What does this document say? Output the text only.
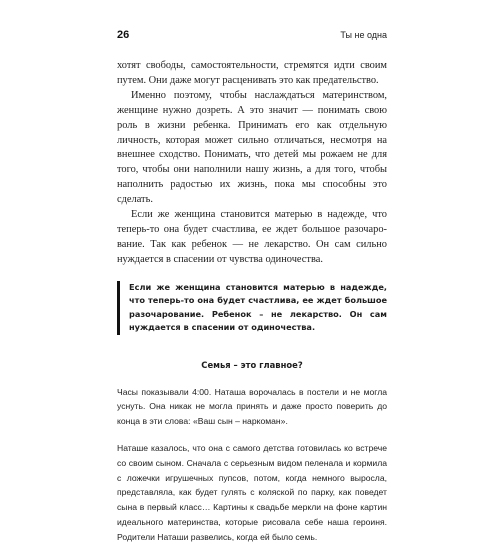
26	Ты не одна

хотят свободы, самостоятельности, стремятся идти своим путем. Они даже могут расценивать это как предательство.

Именно поэтому, чтобы наслаждаться материнством, женщине нужно дозреть. А это значит — понимать свою роль в жизни ребенка. Принимать его как отдельную личность, которая может сильно отличаться, несмотря на внешнее сходство. Понимать, что детей мы рожаем не для того, чтобы они наполнили нашу жизнь, а для того, чтобы наполнить радостью их жизнь, пока мы способны это сделать.

Если же женщина становится матерью в надежде, что теперь-то она будет счастлива, ее ждет большое разочарование. Так как ребенок — не лекарство. Он сам сильно нуждается в спасении от чувства одиночества.

Если же женщина становится матерью в надежде, что теперь-то она будет счастлива, ее ждет большое разочарование. Ребенок – не лекарство. Он сам нуждается в спасении от одиночества.
Семья – это главное?

Часы показывали 4:00. Наташа ворочалась в постели и не могла уснуть. Она никак не могла принять и даже просто поверить до конца в эти слова: «Ваш сын – наркоман».

Наташе казалось, что она с самого детства готовилась ко встрече со своим сыном. Сначала с серьезным видом пеленала и кормила с ложечки игрушечных пупсов, потом, когда немного выросла, представляла, как будет гулять с коляской по парку, как поведет сына в первый класс… Картины к свадьбе меркли на фоне картин идеального материнства, которые рисовала себе наша героиня. Родители Наташи развелись, когда ей было семь.
